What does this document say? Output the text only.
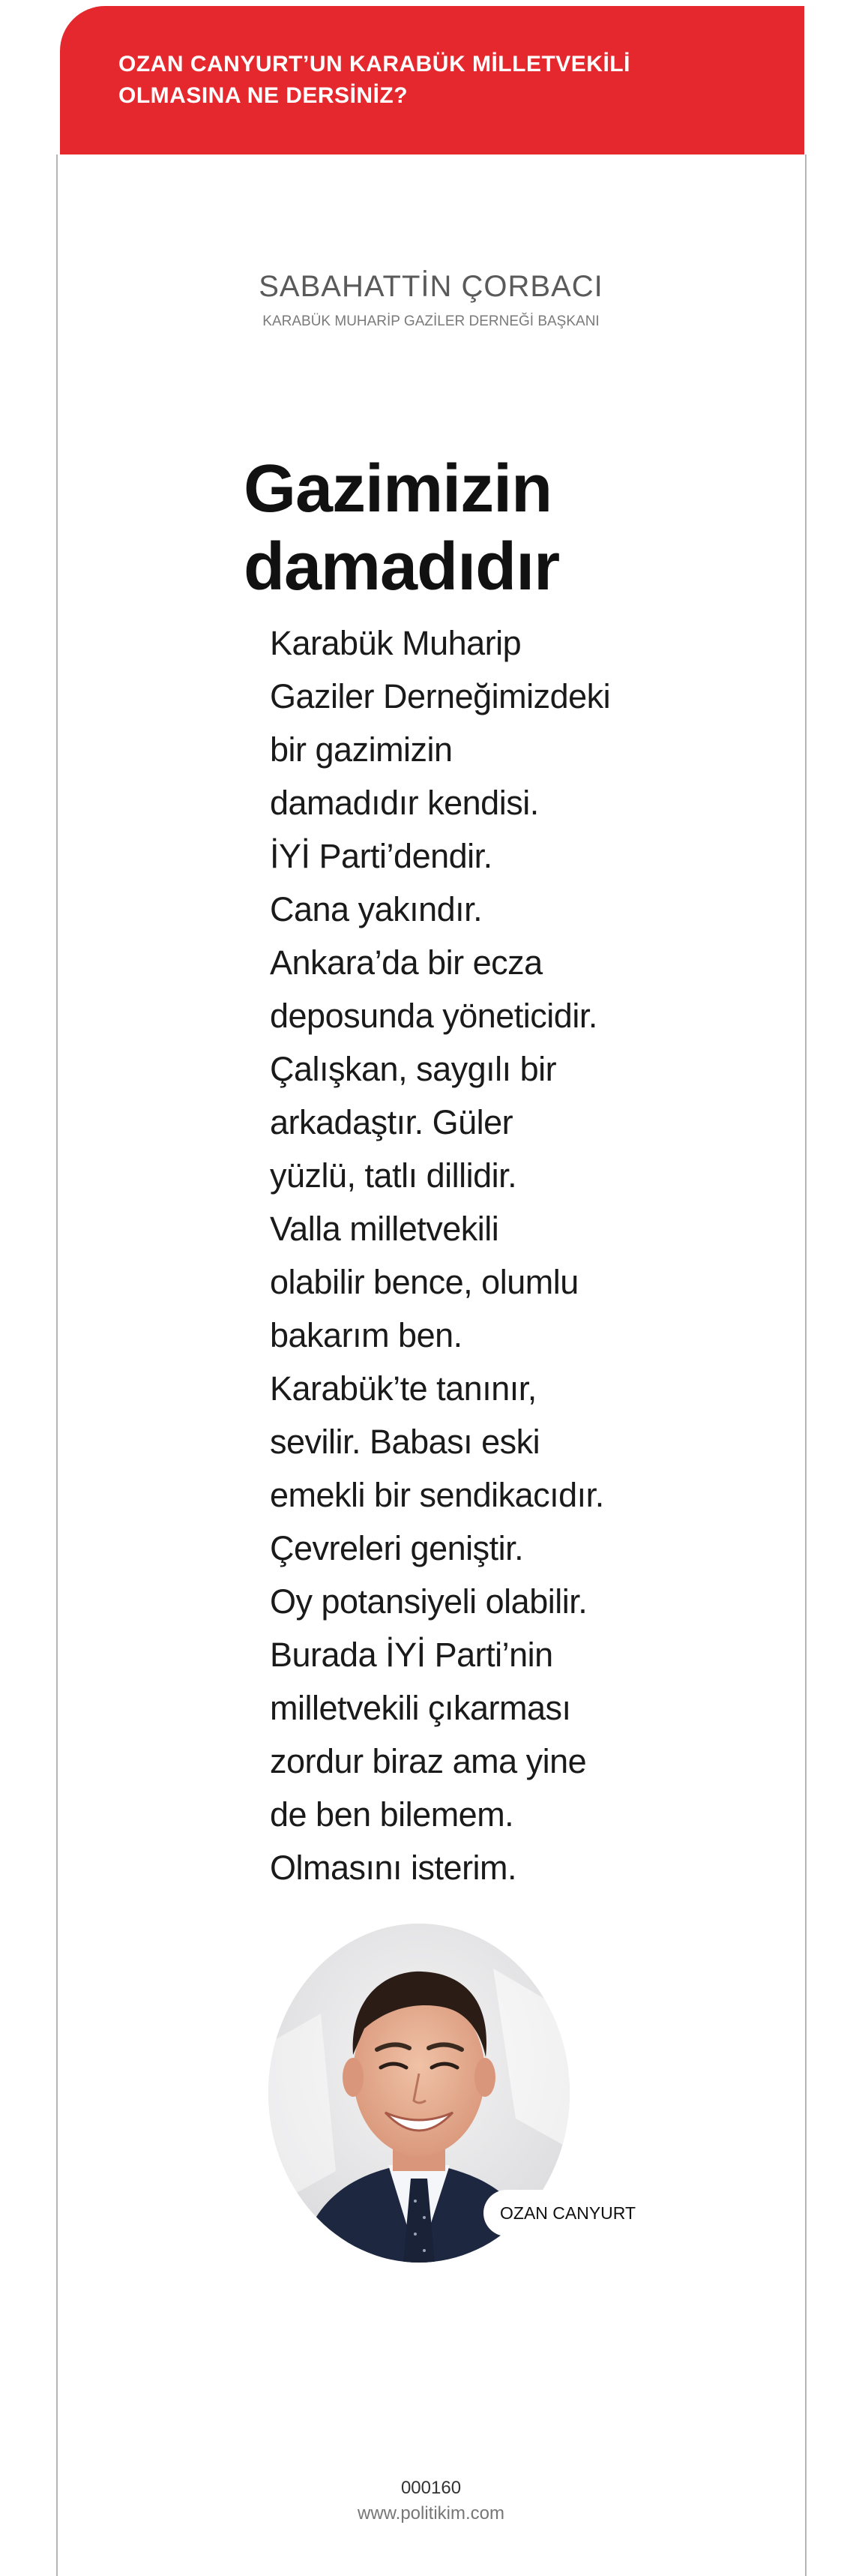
OZAN CANYURT’UN KARABÜK MİLLETVEKİLİ
OLMASINA NE DERSİNİZ?
SABAHATTİN ÇORBACI
KARABÜK MUHARİP GAZİLER DERNEĞİ BAŞKANI
Gazimizin
damadıdır
Karabük Muharip
Gaziler Derneğimizdeki
bir gazimizin
damadıdır kendisi.
İYİ Parti’dendir.
Cana yakındır.
Ankara’da bir ecza
deposunda yöneticidir.
Çalışkan, saygılı bir
arkadaştır. Güler
yüzlü, tatlı dillidir.
Valla milletvekili
olabilir bence, olumlu
bakarım ben.
Karabük’te tanınır,
sevilir. Babası eski
emekli bir sendikacıdır.
Çevreleri geniştir.
Oy potansiyeli olabilir.
Burada İYİ Parti’nin
milletvekili çıkarması
zordur biraz ama yine
de ben bilemem.
Olmasını isterim.
OZAN CANYURT
000160
www.politikim.com
